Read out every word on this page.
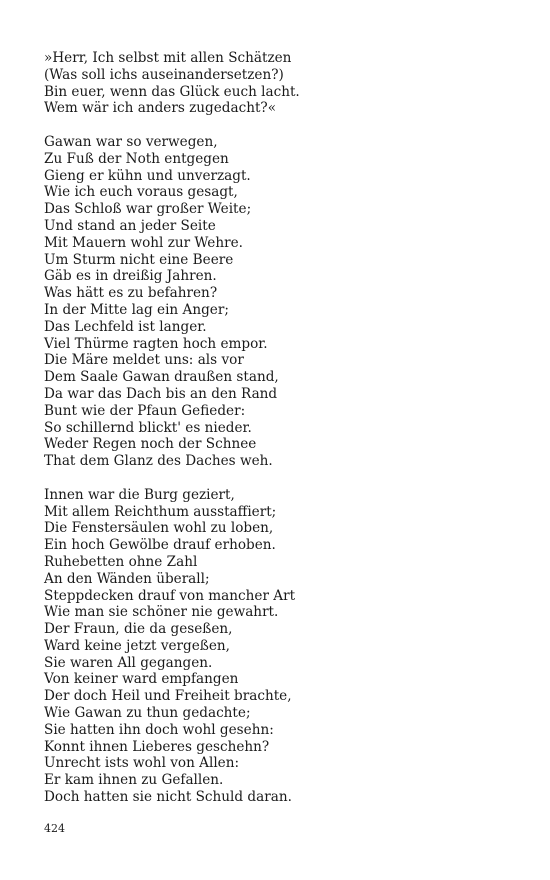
»Herr, Ich selbst mit allen Schätzen
(Was soll ichs auseinandersetzen?)
Bin euer, wenn das Glück euch lacht.
Wem wär ich anders zugedacht?«
Gawan war so verwegen,
Zu Fuß der Noth entgegen
Gieng er kühn und unverzagt.
Wie ich euch voraus gesagt,
Das Schloß war großer Weite;
Und stand an jeder Seite
Mit Mauern wohl zur Wehre.
Um Sturm nicht eine Beere
Gäb es in dreißig Jahren.
Was hätt es zu befahren?
In der Mitte lag ein Anger;
Das Lechfeld ist langer.
Viel Thürme ragten hoch empor.
Die Märe meldet uns: als vor
Dem Saale Gawan draußen stand,
Da war das Dach bis an den Rand
Bunt wie der Pfaun Gefieder:
So schillernd blickt' es nieder.
Weder Regen noch der Schnee
That dem Glanz des Daches weh.
Innen war die Burg geziert,
Mit allem Reichthum ausstaffiert;
Die Fenstersäulen wohl zu loben,
Ein hoch Gewölbe drauf erhoben.
Ruhebetten ohne Zahl
An den Wänden überall;
Steppdecken drauf von mancher Art
Wie man sie schöner nie gewahrt.
Der Fraun, die da geseßen,
Ward keine jetzt vergeßen,
Sie waren All gegangen.
Von keiner ward empfangen
Der doch Heil und Freiheit brachte,
Wie Gawan zu thun gedachte;
Sie hatten ihn doch wohl gesehn:
Konnt ihnen Lieberes geschehn?
Unrecht ists wohl von Allen:
Er kam ihnen zu Gefallen.
Doch hatten sie nicht Schuld daran.
424
